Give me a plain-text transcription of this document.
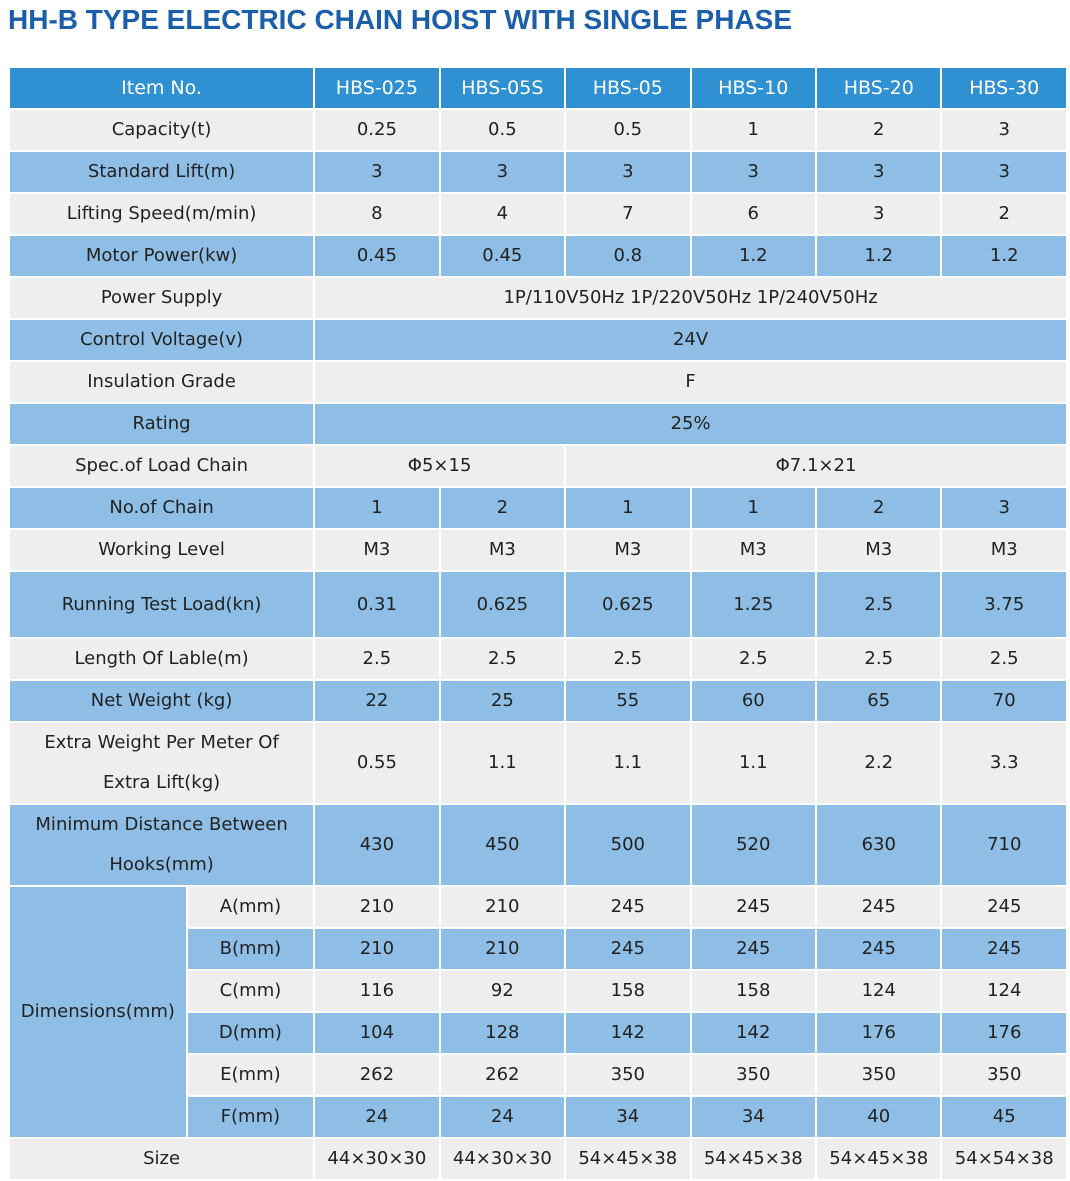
HH-B TYPE ELECTRIC CHAIN HOIST WITH SINGLE PHASE
Item No.		HBS-025	HBS-05S	HBS-05	HBS-10	HBS-20	HBS-30
Capacity(t)		0.25	0.5	0.5	1	2	3
Standard Lift(m)		3	3	3	3	3	3
Lifting Speed(m/min)		8	4	7	6	3	2
Motor Power(kw)		0.45	0.45	0.8	1.2	1.2	1.2
Power Supply		1P/110V50Hz 1P/220V50Hz 1P/240V50Hz					
Control Voltage(v)		24V					
Insulation Grade		F					
Rating		25%					
Spec.of Load Chain		Φ5×15		Φ7.1×21			
No.of Chain		1	2	1	1	2	3
Working Level		M3	M3	M3	M3	M3	M3
Running Test Load(kn)		0.31	0.625	0.625	1.25	2.5	3.75
Length Of Lable(m)		2.5	2.5	2.5	2.5	2.5	2.5
Net Weight (kg)		22	25	55	60	65	70

Extra Weight Per Meter Of
Extra Lift(kg)		0.55	1.1	1.1	1.1	2.2	3.3

Minimum Distance Between
Hooks(mm)		430	450	500	520	630	710
Dimensions(mm)	A(mm)	210	210	245	245	245	245
	B(mm)	210	210	245	245	245	245
	C(mm)	116	92	158	158	124	124
	D(mm)	104	128	142	142	176	176
	E(mm)	262	262	350	350	350	350
	F(mm)	24	24	34	34	40	45
Size		44×30×30	44×30×30	54×45×38	54×45×38	54×45×38	54×54×38
